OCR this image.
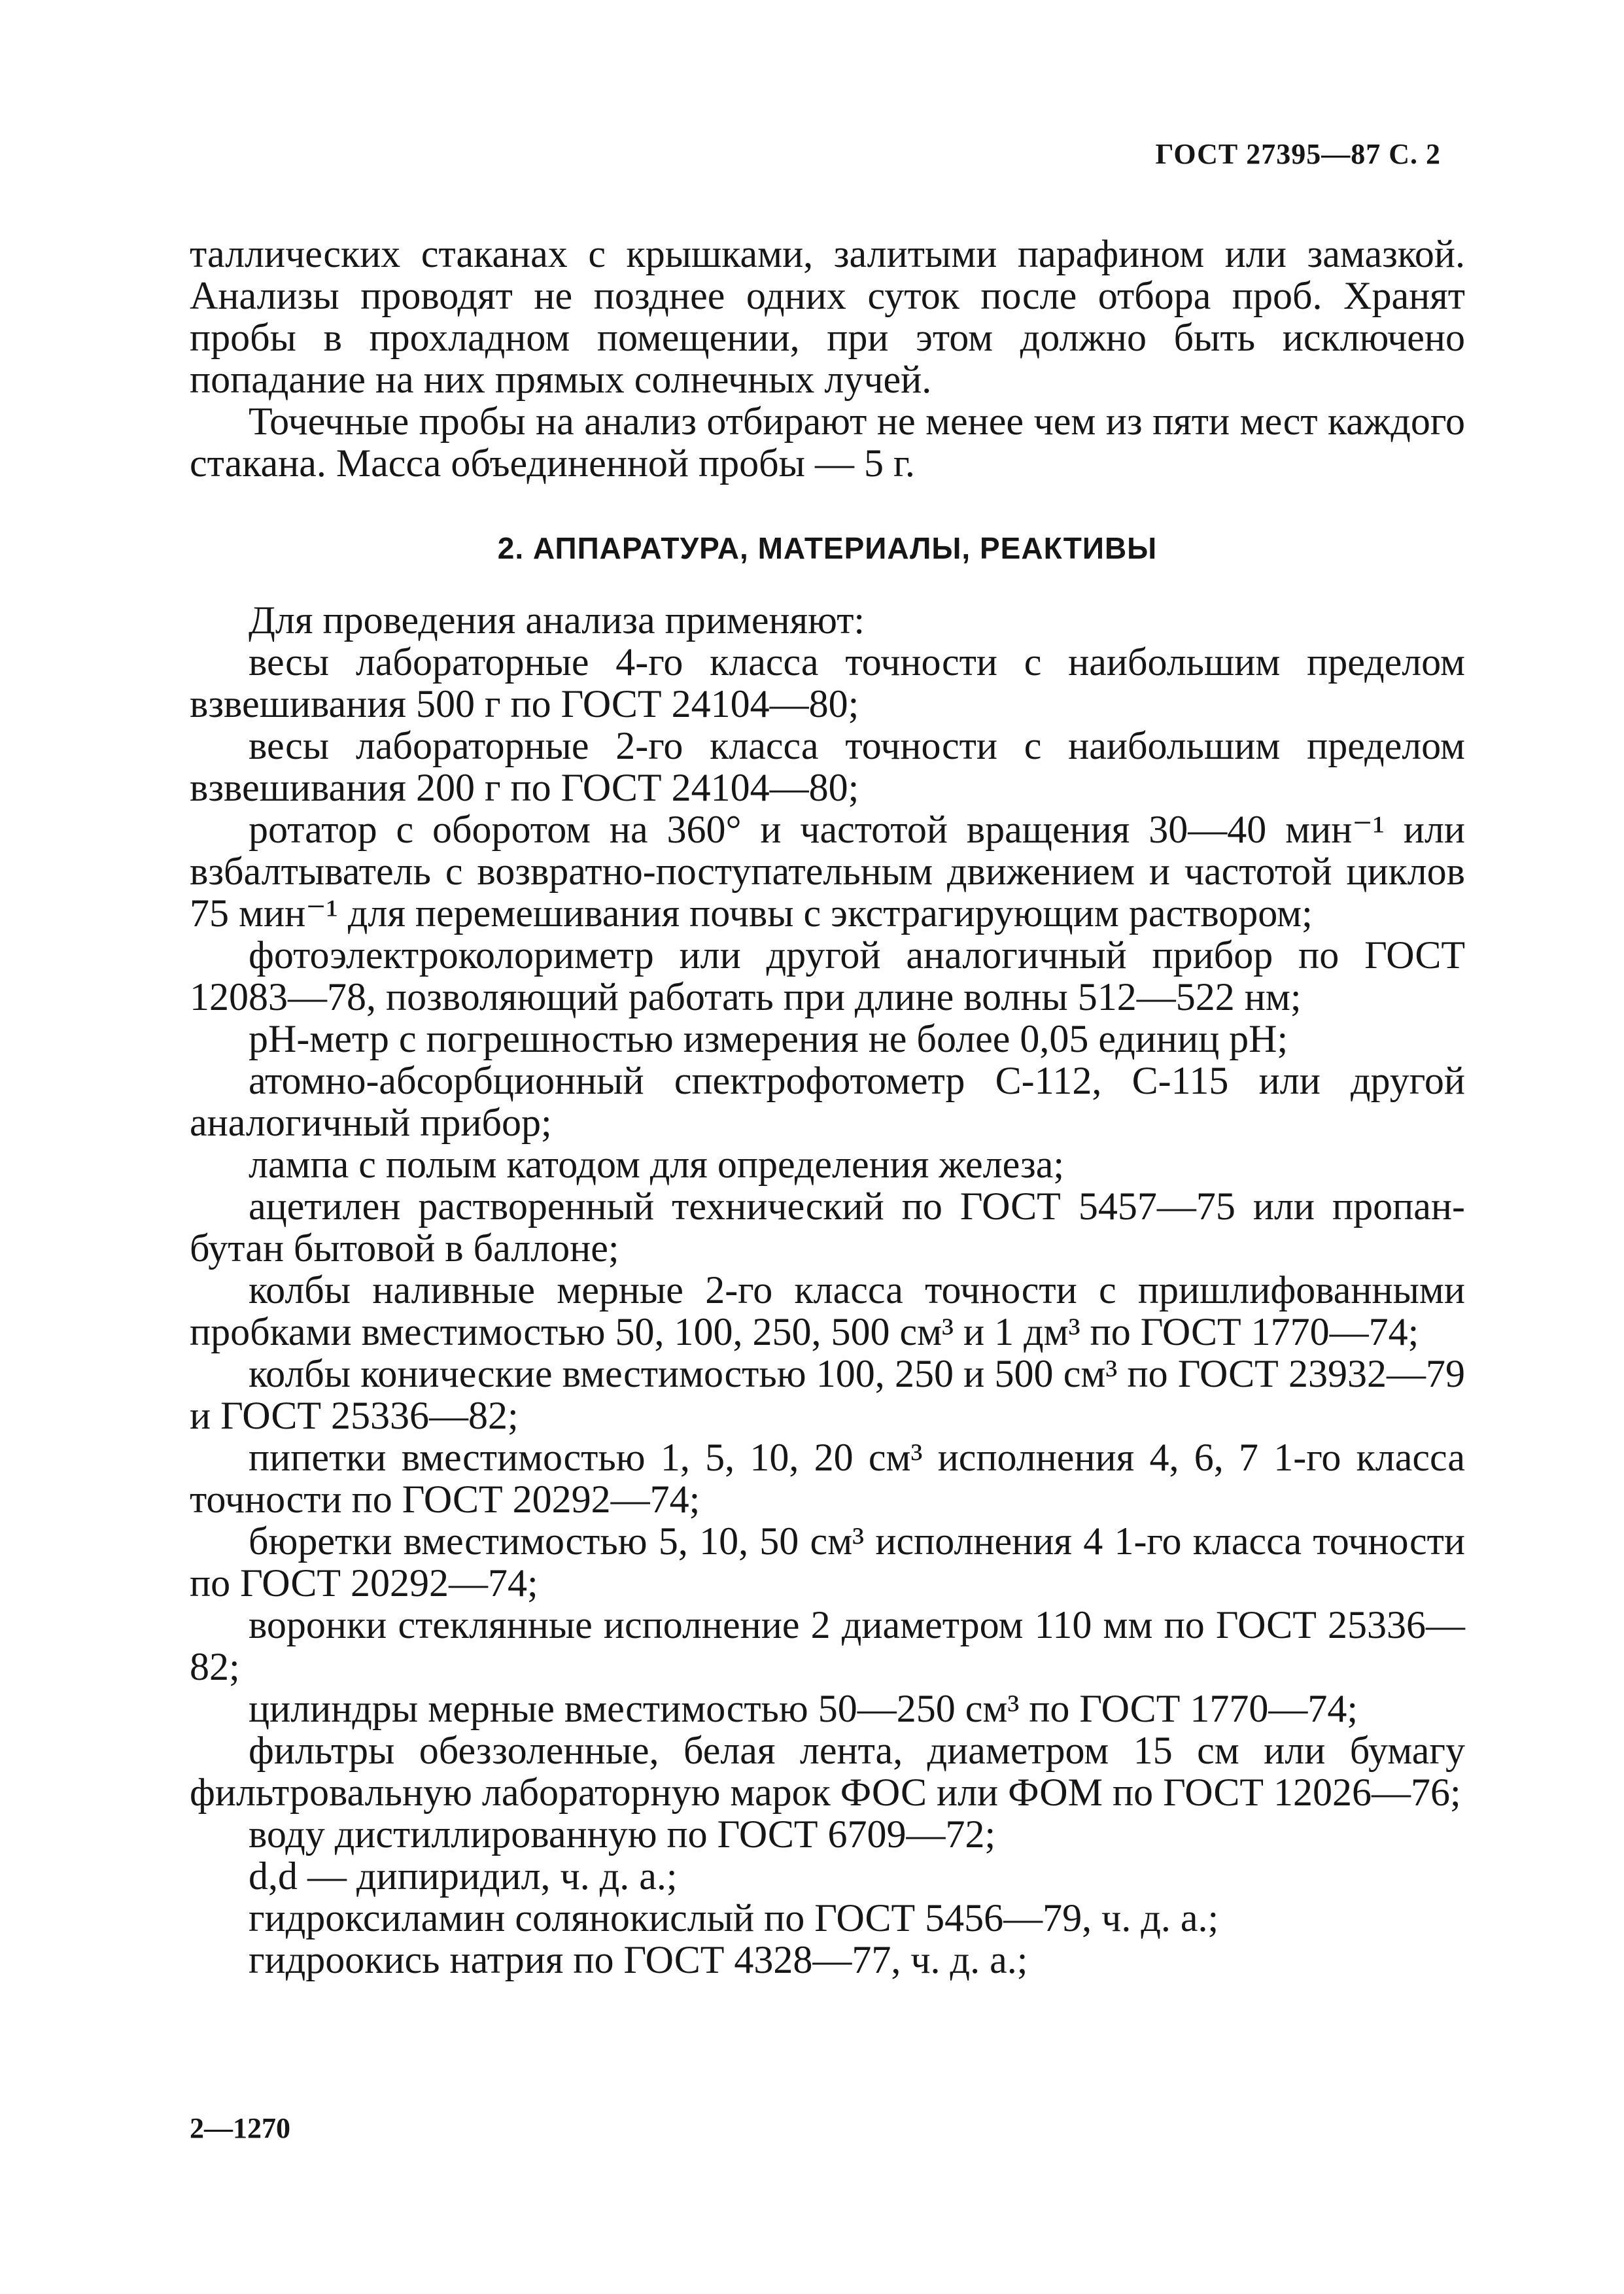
ГОСТ 27395—87 С. 2

таллических стаканах с крышками, залитыми парафином или замазкой. Анализы проводят не позднее одних суток после отбора проб. Хранят пробы в прохладном помещении, при этом должно быть исключено попадание на них прямых солнечных лучей.

Точечные пробы на анализ отбирают не менее чем из пяти мест каждого стакана. Масса объединенной пробы — 5 г.

2. АППАРАТУРА, МАТЕРИАЛЫ, РЕАКТИВЫ

Для проведения анализа применяют:

весы лабораторные 4-го класса точности с наибольшим пределом взвешивания 500 г по ГОСТ 24104—80;

весы лабораторные 2-го класса точности с наибольшим пределом взвешивания 200 г по ГОСТ 24104—80;

ротатор с оборотом на 360° и частотой вращения 30—40 мин⁻¹ или взбалтыватель с возвратно-поступательным движением и частотой циклов 75 мин⁻¹ для перемешивания почвы с экстрагирующим раствором;

фотоэлектроколориметр или другой аналогичный прибор по ГОСТ 12083—78, позволяющий работать при длине волны 512—522 нм;

pH-метр с погрешностью измерения не более 0,05 единиц pH;

атомно-абсорбционный спектрофотометр С-112, С-115 или другой аналогичный прибор;

лампа с полым катодом для определения железа;

ацетилен растворенный технический по ГОСТ 5457—75 или пропан-бутан бытовой в баллоне;

колбы наливные мерные 2-го класса точности с пришлифованными пробками вместимостью 50, 100, 250, 500 см³ и 1 дм³ по ГОСТ 1770—74;

колбы конические вместимостью 100, 250 и 500 см³ по ГОСТ 23932—79 и ГОСТ 25336—82;

пипетки вместимостью 1, 5, 10, 20 см³ исполнения 4, 6, 7 1-го класса точности по ГОСТ 20292—74;

бюретки вместимостью 5, 10, 50 см³ исполнения 4 1-го класса точности по ГОСТ 20292—74;

воронки стеклянные исполнение 2 диаметром 110 мм по ГОСТ 25336—82;

цилиндры мерные вместимостью 50—250 см³ по ГОСТ 1770—74;

фильтры обеззоленные, белая лента, диаметром 15 см или бумагу фильтровальную лабораторную марок ФОС или ФОМ по ГОСТ 12026—76;

воду дистиллированную по ГОСТ 6709—72;

d,d — дипиридил, ч. д. а.;

гидроксиламин солянокислый по ГОСТ 5456—79, ч. д. а.;

гидроокись натрия по ГОСТ 4328—77, ч. д. а.;

2—1270
